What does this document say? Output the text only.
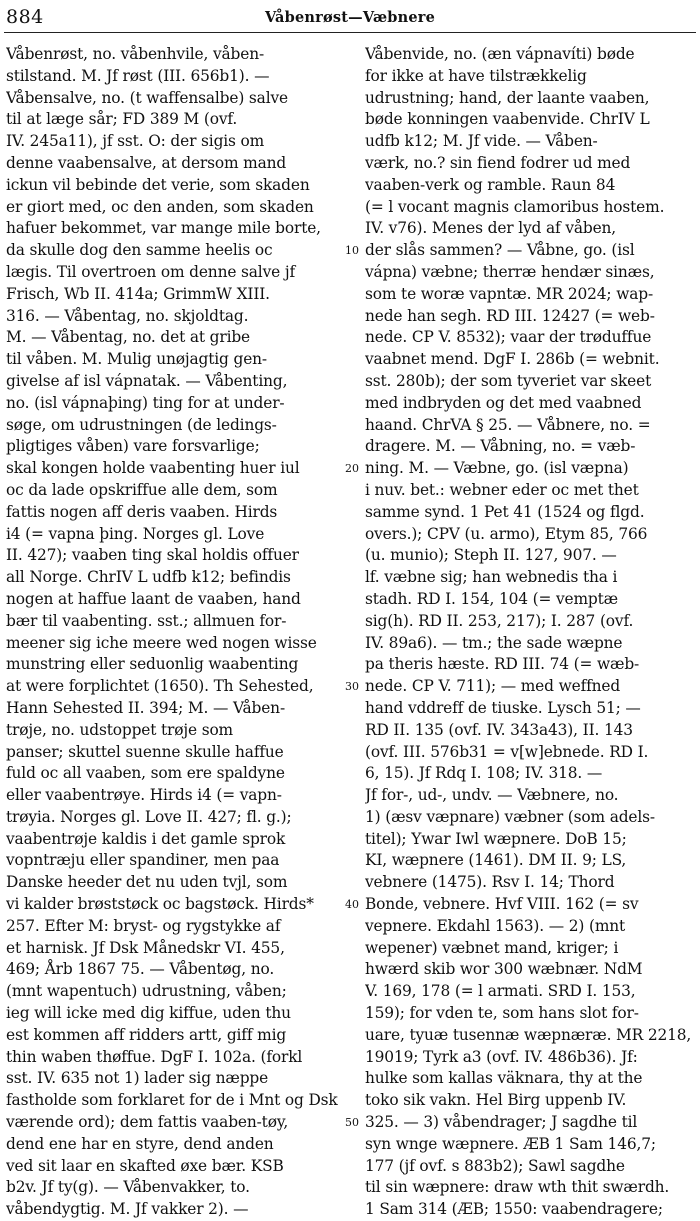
884	Våbenrøst—Væbnere
Våbenrøst, no. våbenhvile, våben-
stilstand. M. Jf røst (III. 656b1). —
Våbensalve, no. (t waffensalbe) salve
til at læge sår; FD 389 M (ovf.
IV. 245a11), jf sst. O: der sigis om
denne vaabensalve, at dersom mand
ickun vil bebinde det verie, som skaden
er giort med, oc den anden, som skaden
hafuer bekommet, var mange mile borte,
da skulle dog den samme heelis oc
lægis. Til overtroen om denne salve jf
Frisch, Wb II. 414a; GrimmW XIII.
316. — Våbentag, no. skjoldtag.
M. — Våbentag, no. det at gribe
til våben. M. Mulig unøjagtig gen-
givelse af isl vápnatak. — Våbenting,
no. (isl vápnaþing) ting for at under-
søge, om udrustningen (de ledings-
pligtiges våben) vare forsvarlige;
skal kongen holde vaabenting huer iul
oc da lade opskriffue alle dem, som
fattis nogen aff deris vaaben. Hirds
i4 (= vapna þing. Norges gl. Love
II. 427); vaaben ting skal holdis offuer
all Norge. ChrIV L udfb k12; befindis
nogen at haffue laant de vaaben, hand
bær til vaabenting. sst.; allmuen for-
meener sig iche meere wed nogen wisse
munstring eller seduonlig waabenting
at were forplichtet (1650). Th Sehested,
Hann Sehested II. 394; M. — Våben-
trøje, no. udstoppet trøje som
panser; skuttel suenne skulle haffue
fuld oc all vaaben, som ere spaldyne
eller vaabentrøye. Hirds i4 (= vapn-
trøyia. Norges gl. Love II. 427; fl. g.);
vaabentrøje kaldis i det gamle sprok
vopntræju eller spandiner, men paa
Danske heeder det nu uden tvjl, som
vi kalder brøststøck oc bagstøck. Hirds*
257. Efter M: bryst- og rygstykke af
et harnisk. Jf Dsk Månedskr VI. 455,
469; Årb 1867 75. — Våbentøg, no.
(mnt wapentuch) udrustning, våben;
ieg will icke med dig kiffue, uden thu
est kommen aff ridders artt, giff mig
thin waben thøffue. DgF I. 102a. (forkl
sst. IV. 635 not 1) lader sig næppe
fastholde som forklaret for de i Mnt og Dsk
værende ord); dem fattis vaaben-tøy,
dend ene har en styre, dend anden
ved sit laar en skafted øxe bær. KSB
b2v. Jf ty(g). — Våbenvakker, to.
våbendygtig. M. Jf vakker 2). —
10
20
30
40
50
Våbenvide, no. (æn vápnavíti) bøde
for ikke at have tilstrækkelig
udrustning; hand, der laante vaaben,
bøde konningen vaabenvide. ChrIV L
udfb k12; M. Jf vide. — Våben-
værk, no.? sin fiend fodrer ud med
vaaben-verk og ramble. Raun 84
(= l vocant magnis clamoribus hostem.
IV. v76). Menes der lyd af våben,
der slås sammen? — Våbne, go. (isl
vápna) væbne; therræ hendær sinæs,
som te woræ vapntæ. MR 2024; wap-
nede han segh. RD III. 12427 (= web-
nede. CP V. 8532); vaar der trøduffue
vaabnet mend. DgF I. 286b (= webnit.
sst. 280b); der som tyveriet var skeet
med indbryden og det med vaabned
haand. ChrVA § 25. — Våbnere, no. =
dragere. M. — Våbning, no. = væb-
ning. M. — Væbne, go. (isl væpna)
i nuv. bet.: webner eder oc met thet
samme synd. 1 Pet 41 (1524 og flgd.
overs.); CPV (u. armo), Etym 85, 766
(u. munio); Steph II. 127, 907. —
lf. væbne sig; han webnedis tha i
stadh. RD I. 154, 104 (= vemptæ
sig(h). RD II. 253, 217); I. 287 (ovf.
IV. 89a6). — tm.; the sade wæpne
pa theris hæste. RD III. 74 (= wæb-
nede. CP V. 711); — med weffned
hand vddreff de tiuske. Lysch 51; —
RD II. 135 (ovf. IV. 343a43), II. 143
(ovf. III. 576b31 = v[w]ebnede. RD I.
6, 15). Jf Rdq I. 108; IV. 318. —
Jf for-, ud-, undv. — Væbnere, no.
1) (æsv væpnare) væbner (som adels-
titel); Ywar Iwl wæpnere. DoB 15;
KI, wæpnere (1461). DM II. 9; LS,
vebnere (1475). Rsv I. 14; Thord
Bonde, vebnere. Hvf VIII. 162 (= sv
vepnere. Ekdahl 1563). — 2) (mnt
wepener) væbnet mand, kriger; i
hwærd skib wor 300 wæbnær. NdM
V. 169, 178 (= l armati. SRD I. 153,
159); for vden te, som hans slot for-
uare, tyuæ tusennæ wæpnæræ. MR 2218,
19019; Tyrk a3 (ovf. IV. 486b36). Jf:
hulke som kallas väknara, thy at the
toko sik vakn. Hel Birg uppenb IV.
325. — 3) våbendrager; J sagdhe til
syn wnge wæpnere. ÆB 1 Sam 146,7;
177 (jf ovf. s 883b2); Sawl sagdhe
til sin wæpnere: draw wth thit swærdh.
1 Sam 314 (ÆB; 1550: vaabendragere;
